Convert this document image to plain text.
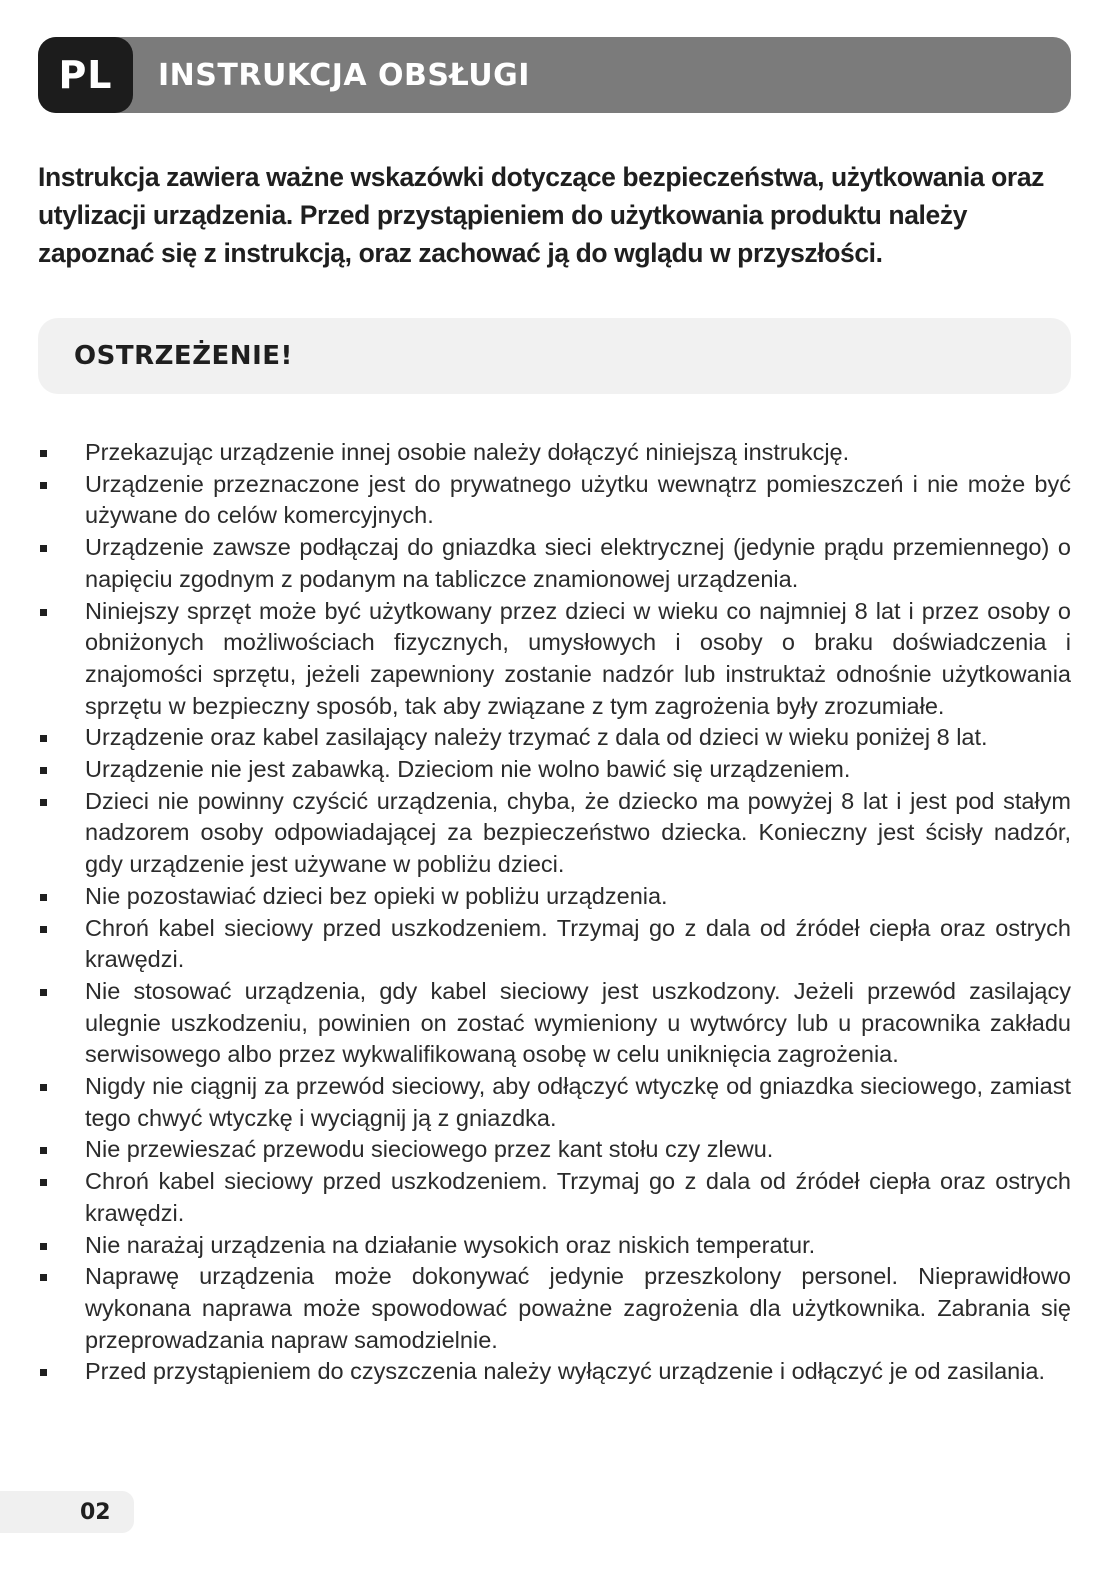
PL	INSTRUKCJA OBSŁUGI
Instrukcja zawiera ważne wskazówki dotyczące bezpieczeństwa, użytkowania oraz utylizacji urządzenia. Przed przystąpieniem do użytkowania produktu należy zapoznać się z instrukcją, oraz zachować ją do wglądu w przyszłości.
OSTRZEŻENIE!
Przekazując urządzenie innej osobie należy dołączyć niniejszą instrukcję.
Urządzenie przeznaczone jest do prywatnego użytku wewnątrz pomieszczeń i nie może być używane do celów komercyjnych.
Urządzenie zawsze podłączaj do gniazdka sieci elektrycznej (jedynie prądu przemiennego) o napięciu zgodnym z podanym na tabliczce znamionowej urządzenia.
Niniejszy sprzęt może być użytkowany przez dzieci w wieku co najmniej 8 lat i przez osoby o obniżonych możliwościach fizycznych, umysłowych i osoby o braku doświadczenia i znajomości sprzętu, jeżeli zapewniony zostanie nadzór lub instruktaż odnośnie użytkowania sprzętu w bezpieczny sposób, tak aby związane z tym zagrożenia były zrozumiałe.
Urządzenie oraz kabel zasilający należy trzymać z dala od dzieci w wieku poniżej 8 lat.
Urządzenie nie jest zabawką. Dzieciom nie wolno bawić się urządzeniem.
Dzieci nie powinny czyścić urządzenia, chyba, że dziecko ma powyżej 8 lat i jest pod stałym nadzorem osoby odpowiadającej za bezpieczeństwo dziecka. Konieczny jest ścisły nadzór, gdy urządzenie jest używane w pobliżu dzieci.
Nie pozostawiać dzieci bez opieki w pobliżu urządzenia.
Chroń kabel sieciowy przed uszkodzeniem. Trzymaj go z dala od źródeł ciepła oraz ostrych krawędzi.
Nie stosować urządzenia, gdy kabel sieciowy jest uszkodzony. Jeżeli przewód zasilający ulegnie uszkodzeniu, powinien on zostać wymieniony u wytwórcy lub u pracownika zakładu serwisowego albo przez wykwalifikowaną osobę w celu uniknięcia zagrożenia.
Nigdy nie ciągnij za przewód sieciowy, aby odłączyć wtyczkę od gniazdka sieciowego, zamiast tego chwyć wtyczkę i wyciągnij ją z gniazdka.
Nie przewieszać przewodu sieciowego przez kant stołu czy zlewu.
Chroń kabel sieciowy przed uszkodzeniem. Trzymaj go z dala od źródeł ciepła oraz ostrych krawędzi.
Nie narażaj urządzenia na działanie wysokich oraz niskich temperatur.
Naprawę urządzenia może dokonywać jedynie przeszkolony personel. Nieprawidłowo wykonana naprawa może spowodować poważne zagrożenia dla użytkownika. Zabrania się przeprowadzania napraw samodzielnie.
Przed przystąpieniem do czyszczenia należy wyłączyć urządzenie i odłączyć je od zasilania.
02
